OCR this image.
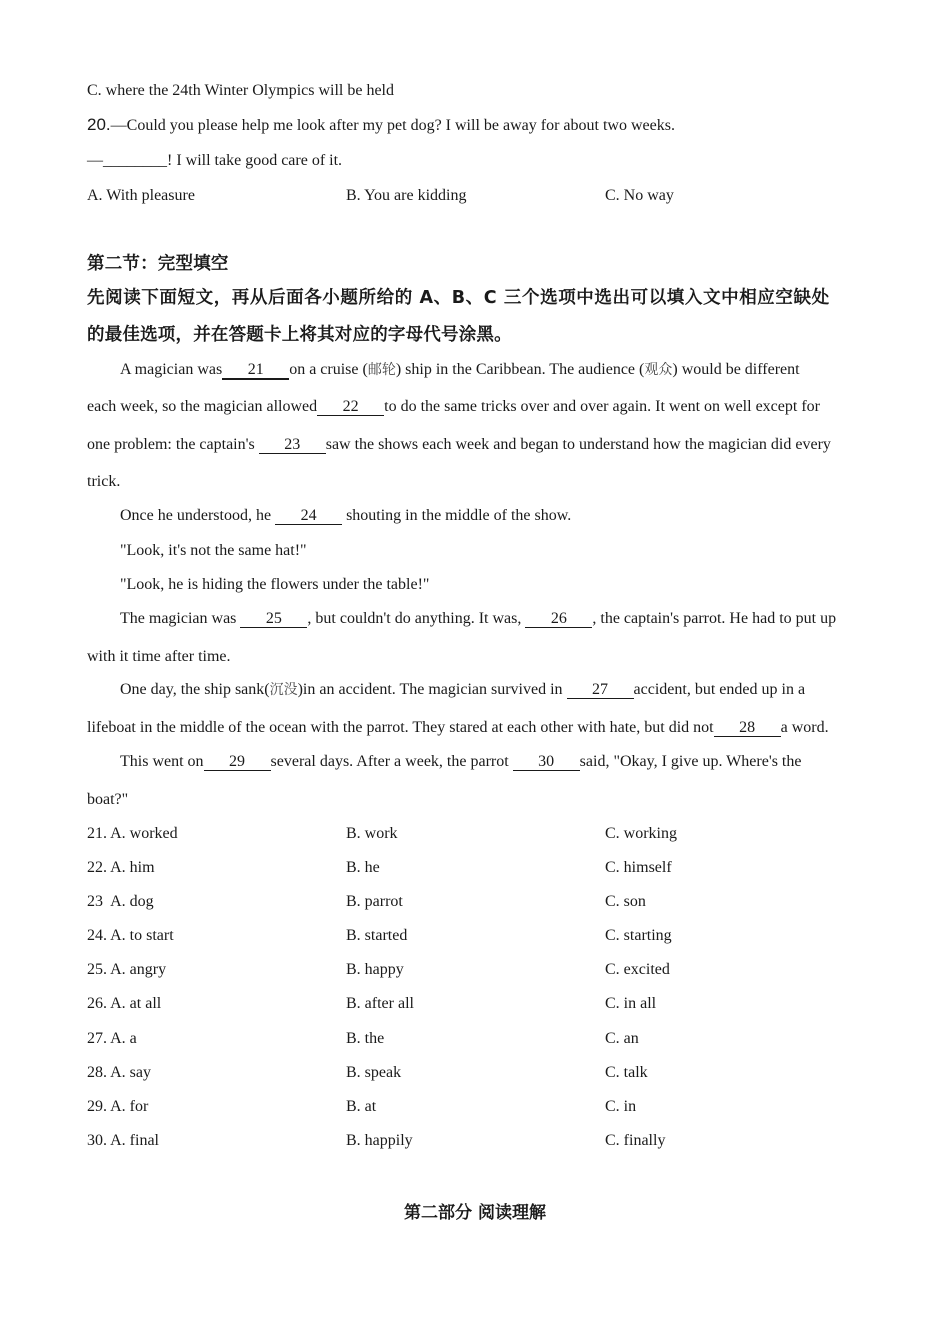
C. where the 24th Winter Olympics will be held
20.—Could you please help me look after my pet dog? I will be away for about two weeks.
—________! I will take good care of it.
A. With pleasure	B. You are kidding	C. No way
第二节：完型填空
先阅读下面短文，再从后面各小题所给的 A、B、C 三个选项中选出可以填入文中相应空缺处
的最佳选项，并在答题卡上将其对应的字母代号涂黑。
A magician was 21 on a cruise (邮轮) ship in the Caribbean. The audience (观众) would be different
each week, so the magician allowed 22 to do the same tricks over and over again. It went on well except for
one problem: the captain's 23 saw the shows each week and began to understand how the magician did every
trick.
Once he understood, he 24 shouting in the middle of the show.
"Look, it's not the same hat!"
"Look, he is hiding the flowers under the table!"
The magician was 25 , but couldn't do anything. It was, 26 , the captain's parrot. He had to put up
with it time after time.
One day, the ship sank(沉没)in an accident. The magician survived in 27 accident, but ended up in a
lifeboat in the middle of the ocean with the parrot. They stared at each other with hate, but did not 28 a word.
This went on 29 several days. After a week, the parrot 30 said, "Okay, I give up. Where's the
boat?"
21. A. worked	B. work	C. working
22. A. him	B. he	C. himself
23  A. dog	B. parrot	C. son
24. A. to start	B. started	C. starting
25. A. angry	B. happy	C. excited
26. A. at all	B. after all	C. in all
27. A. a	B. the	C. an
28. A. say	B. speak	C. talk
29. A. for	B. at	C. in
30. A. final	B. happily	C. finally
第二部分 阅读理解
